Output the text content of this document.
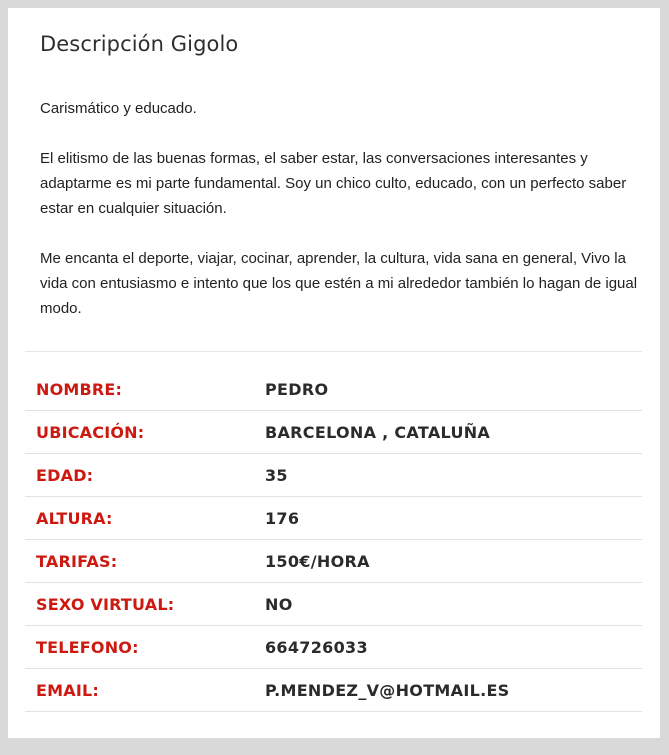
Descripción Gigolo

Carismático y educado.

El elitismo de las buenas formas, el saber estar, las conversaciones interesantes y adaptarme es mi parte fundamental. Soy un chico culto, educado, con un perfecto saber estar en cualquier situación.

Me encanta el deporte, viajar, cocinar, aprender, la cultura, vida sana en general, Vivo la vida con entusiasmo e intento que los que estén a mi alrededor también lo hagan de igual modo.

NOMBRE:	PEDRO
UBICACIÓN:	BARCELONA , CATALUÑA
EDAD:	35
ALTURA:	176
TARIFAS:	150€/HORA
SEXO VIRTUAL:	NO
TELEFONO:	664726033
EMAIL:	P.MENDEZ_V@HOTMAIL.ES
